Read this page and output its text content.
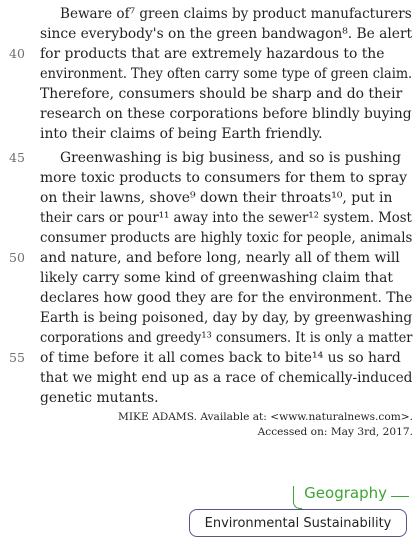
Beware of⁷ green claims by product manufacturers
since everybody's on the green bandwagon⁸. Be alert
for products that are extremely hazardous to the
environment. They often carry some type of green claim.
Therefore, consumers should be sharp and do their
research on these corporations before blindly buying
into their claims of being Earth friendly.
Greenwashing is big business, and so is pushing
more toxic products to consumers for them to spray
on their lawns, shove⁹ down their throats¹⁰, put in
their cars or pour¹¹ away into the sewer¹² system. Most
consumer products are highly toxic for people, animals
and nature, and before long, nearly all of them will
likely carry some kind of greenwashing claim that
declares how good they are for the environment. The
Earth is being poisoned, day by day, by greenwashing
corporations and greedy¹³ consumers. It is only a matter
of time before it all comes back to bite¹⁴ us so hard
that we might end up as a race of chemically-induced
genetic mutants.
40
45
50
55
MIKE ADAMS. Available at: <www.naturalnews.com>.
Accessed on: May 3rd, 2017.
Geography
Environmental Sustainability
